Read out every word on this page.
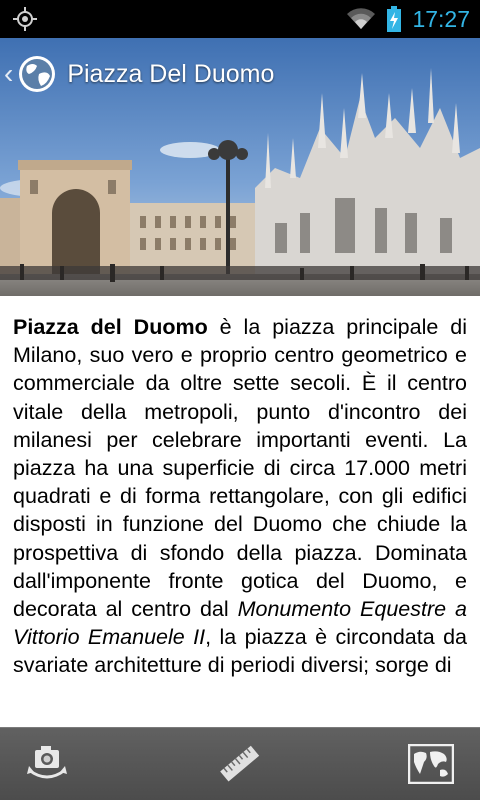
17:27
‹ Piazza Del Duomo
Piazza del Duomo è la piazza principale di Milano, suo vero e proprio centro geometrico e commerciale da oltre sette secoli. È il centro vitale della metropoli, punto d'incontro dei milanesi per celebrare importanti eventi. La piazza ha una superficie di circa 17.000 metri quadrati e di forma rettangolare, con gli edifici disposti in funzione del Duomo che chiude la prospettiva di sfondo della piazza. Dominata dall'imponente fronte gotica del Duomo, e decorata al centro dal Monumento Equestre a Vittorio Emanuele II, la piazza è circondata da svariate architetture di periodi diversi; sorge di
